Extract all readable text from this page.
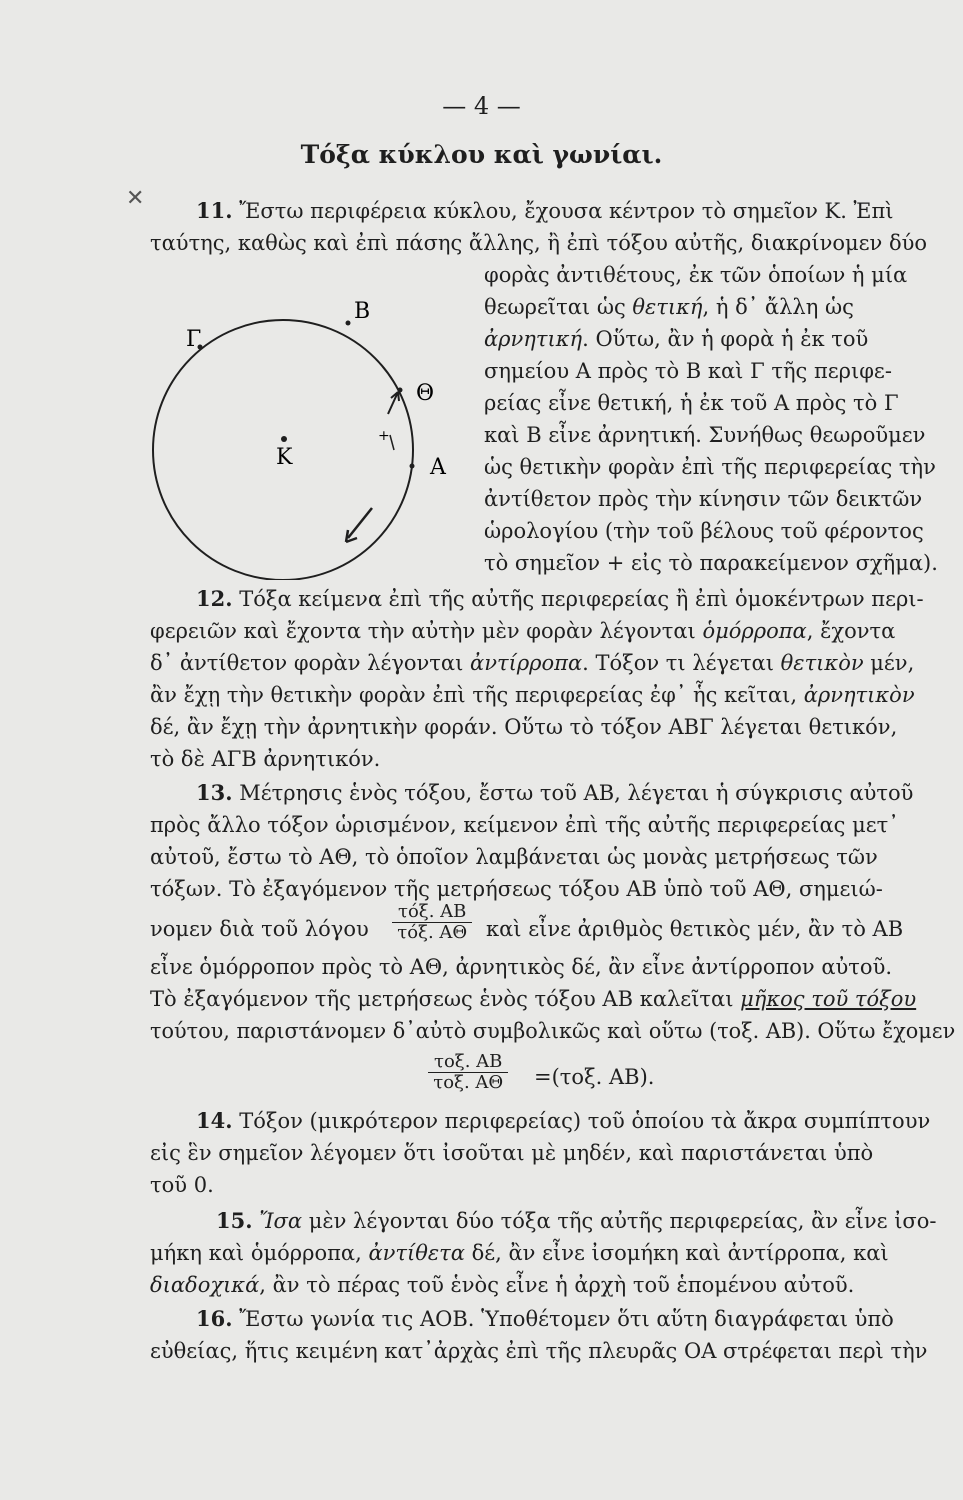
— 4 —
Τόξα κύκλου καὶ γωνίαι.
✕
Β
Γ
Θ
+
Κ	Α
11. Ἔστω περιφέρεια κύκλου, ἔχουσα κέντρον τὸ σημεῖον Κ. Ἐπὶ
ταύτης, καθὼς καὶ ἐπὶ πάσης ἄλλης, ἢ ἐπὶ τόξου αὐτῆς, διακρίνομεν δύο
φορὰς ἀντιθέτους, ἐκ τῶν ὁποίων ἡ μία
θεωρεῖται ὡς θετική, ἡ δ᾽ ἄλλη ὡς
ἀρνητική. Οὕτω, ἂν ἡ φορὰ ἡ ἐκ τοῦ
σημείου Α πρὸς τὸ Β καὶ Γ τῆς περιφε-
ρείας εἶνε θετική, ἡ ἐκ τοῦ Α πρὸς τὸ Γ
καὶ Β εἶνε ἀρνητική. Συνήθως θεωροῦμεν
ὡς θετικὴν φορὰν ἐπὶ τῆς περιφερείας τὴν
ἀντίθετον πρὸς τὴν κίνησιν τῶν δεικτῶν
ὡρολογίου (τὴν τοῦ βέλους τοῦ φέροντος
τὸ σημεῖον + εἰς τὸ παρακείμενον σχῆμα).
12. Τόξα κείμενα ἐπὶ τῆς αὐτῆς περιφερείας ἢ ἐπὶ ὁμοκέντρων περι-
φερειῶν καὶ ἔχοντα τὴν αὐτὴν μὲν φορὰν λέγονται ὁμόρροπα, ἔχοντα
δ᾽ ἀντίθετον φορὰν λέγονται ἀντίρροπα. Τόξον τι λέγεται θετικὸν μέν,
ἂν ἔχῃ τὴν θετικὴν φορὰν ἐπὶ τῆς περιφερείας ἐφ᾽ ἧς κεῖται, ἀρνητικὸν
δέ, ἂν ἔχῃ τὴν ἀρνητικὴν φοράν. Οὕτω τὸ τόξον ΑΒΓ λέγεται θετικόν,
τὸ δὲ ΑΓΒ ἀρνητικόν.
13. Μέτρησις ἑνὸς τόξου, ἔστω τοῦ ΑΒ, λέγεται ἡ σύγκρισις αὐτοῦ
πρὸς ἄλλο τόξον ὡρισμένον, κείμενον ἐπὶ τῆς αὐτῆς περιφερείας μετ᾽
αὐτοῦ, ἔστω τὸ ΑΘ, τὸ ὁποῖον λαμβάνεται ὡς μονὰς μετρήσεως τῶν
τόξων. Τὸ ἐξαγόμενον τῆς μετρήσεως τόξου ΑΒ ὑπὸ τοῦ ΑΘ, σημειώ-
νομεν διὰ τοῦ λόγου
τόξ. ΑΒ
τόξ. ΑΘ καὶ εἶνε ἀριθμὸς θετικὸς μέν, ἂν τὸ ΑΒ
εἶνε ὁμόρροπον πρὸς τὸ ΑΘ, ἀρνητικὸς δέ, ἂν εἶνε ἀντίρροπον αὐτοῦ.
Τὸ ἐξαγόμενον τῆς μετρήσεως ἑνὸς τόξου ΑΒ καλεῖται μῆκος τοῦ τόξου
τούτου, παριστάνομεν δ᾽αὐτὸ συμβολικῶς καὶ οὕτω (τοξ. ΑΒ). Οὕτω ἔχομεν
τοξ. ΑΒ
τοξ. ΑΘ =(τοξ. ΑΒ).
14. Τόξον (μικρότερον περιφερείας) τοῦ ὁποίου τὰ ἄκρα συμπίπτουν
εἰς ἓν σημεῖον λέγομεν ὅτι ἰσοῦται μὲ μηδέν, καὶ παριστάνεται ὑπὸ
τοῦ 0.
15. Ἴσα μὲν λέγονται δύο τόξα τῆς αὐτῆς περιφερείας, ἂν εἶνε ἰσο-
μήκη καὶ ὁμόρροπα, ἀντίθετα δέ, ἂν εἶνε ἰσομήκη καὶ ἀντίρροπα, καὶ
διαδοχικά, ἂν τὸ πέρας τοῦ ἑνὸς εἶνε ἡ ἀρχὴ τοῦ ἑπομένου αὐτοῦ.
16. Ἔστω γωνία τις ΑΟΒ. Ὑποθέτομεν ὅτι αὕτη διαγράφεται ὑπὸ
εὐθείας, ἥτις κειμένη κατ᾽ἀρχὰς ἐπὶ τῆς πλευρᾶς ΟΑ στρέφεται περὶ τὴν
